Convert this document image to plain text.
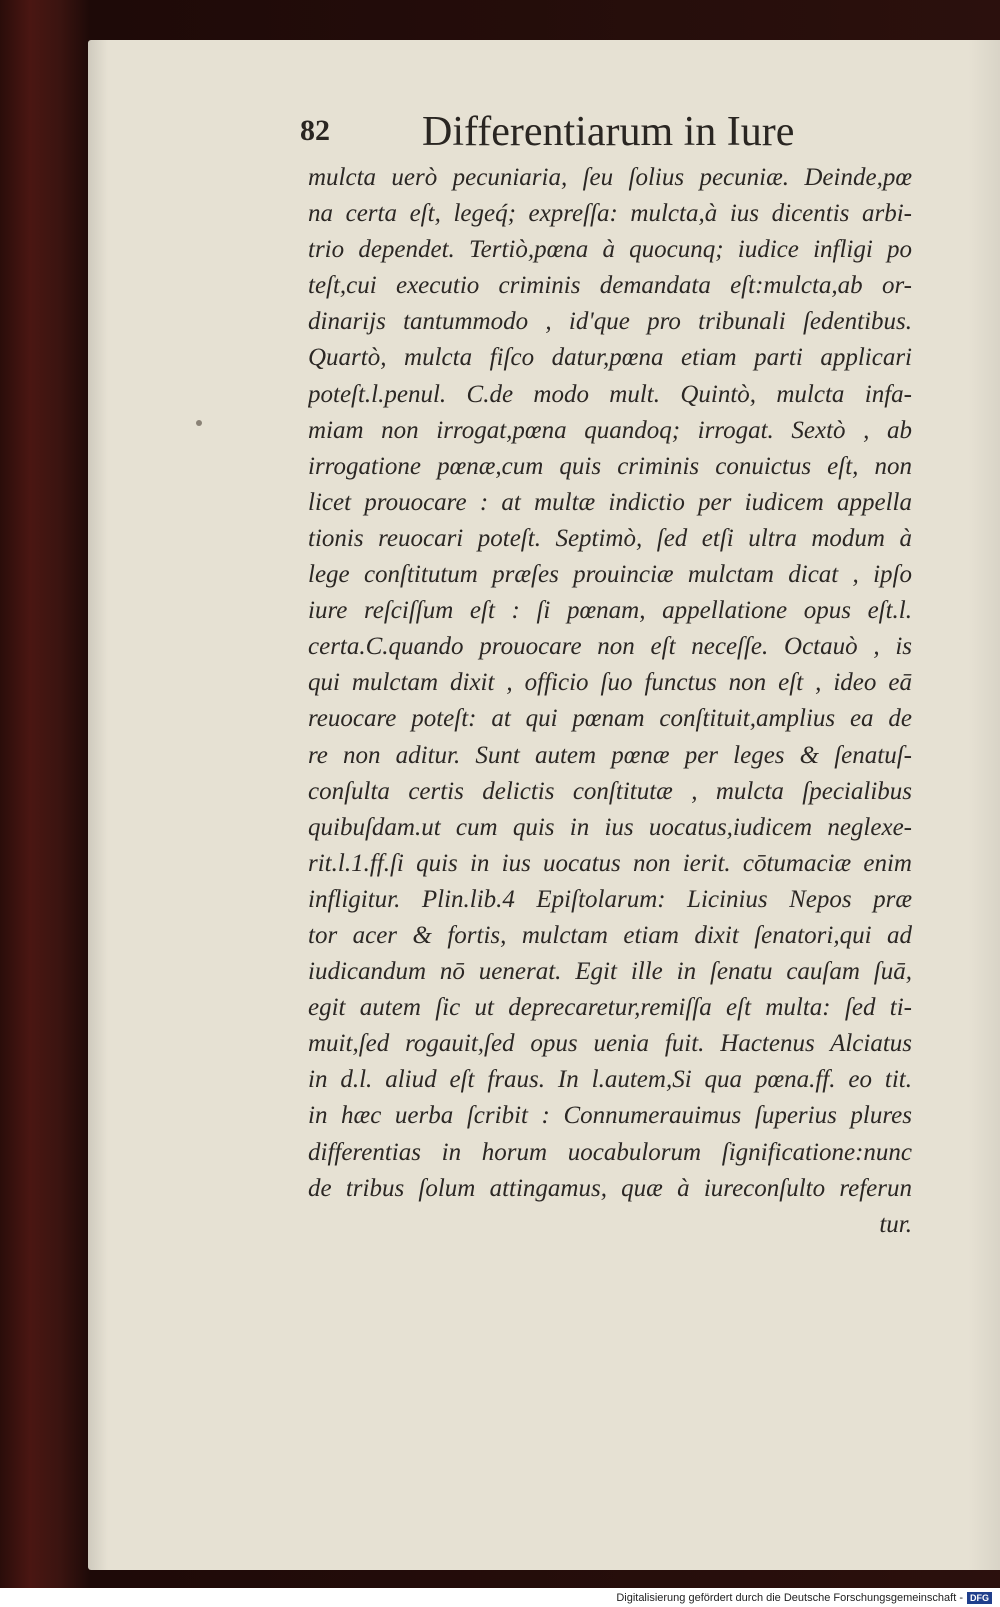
82 Differentiarum in Iure
mulcta uerò pecuniaria, ſeu ſolius pecuniæ. Deinde,pœ
na certa eſt, legeq́; expreſſa: mulcta,à ius dicentis arbi-
trio dependet. Tertiò,pœna à quocunq; iudice infligi po
teſt,cui executio criminis demandata eſt:mulcta,ab or-
dinarijs tantummodo , id'que pro tribunali ſedentibus.
Quartò, mulcta fiſco datur,pœna etiam parti applicari
poteſt.l.penul. C.de modo mult. Quintò, mulcta infa-
miam non irrogat,pœna quandoq; irrogat. Sextò , ab
irrogatione pœnæ,cum quis criminis conuictus eſt, non
licet prouocare : at multæ indictio per iudicem appella
tionis reuocari poteſt. Septimò, ſed etſi ultra modum à
lege conſtitutum præſes prouinciæ mulctam dicat , ipſo
iure reſciſſum eſt : ſi pœnam, appellatione opus eſt.l.
certa.C.quando prouocare non eſt neceſſe. Octauò , is
qui mulctam dixit , officio ſuo functus non eſt , ideo eā
reuocare poteſt: at qui pœnam conſtituit,amplius ea de
re non aditur. Sunt autem pœnæ per leges & ſenatuſ-
conſulta certis delictis conſtitutæ , mulcta ſpecialibus
quibuſdam.ut cum quis in ius uocatus,iudicem neglexe-
rit.l.1.ff.ſi quis in ius uocatus non ierit. cōtumaciæ enim
infligitur. Plin.lib.4 Epiſtolarum: Licinius Nepos præ
tor acer & fortis, mulctam etiam dixit ſenatori,qui ad
iudicandum nō uenerat. Egit ille in ſenatu cauſam ſuā,
egit autem ſic ut deprecaretur,remiſſa eſt multa: ſed ti-
muit,ſed rogauit,ſed opus uenia fuit. Hactenus Alciatus
in d.l. aliud eſt fraus. In l.autem,Si qua pœna.ff. eo tit.
in hæc uerba ſcribit : Connumerauimus ſuperius plures
differentias in horum uocabulorum ſignificatione:nunc
de tribus ſolum attingamus, quæ à iureconſulto referun
tur.
Digitalisierung gefördert durch die Deutsche Forschungsgemeinschaft - DFG
